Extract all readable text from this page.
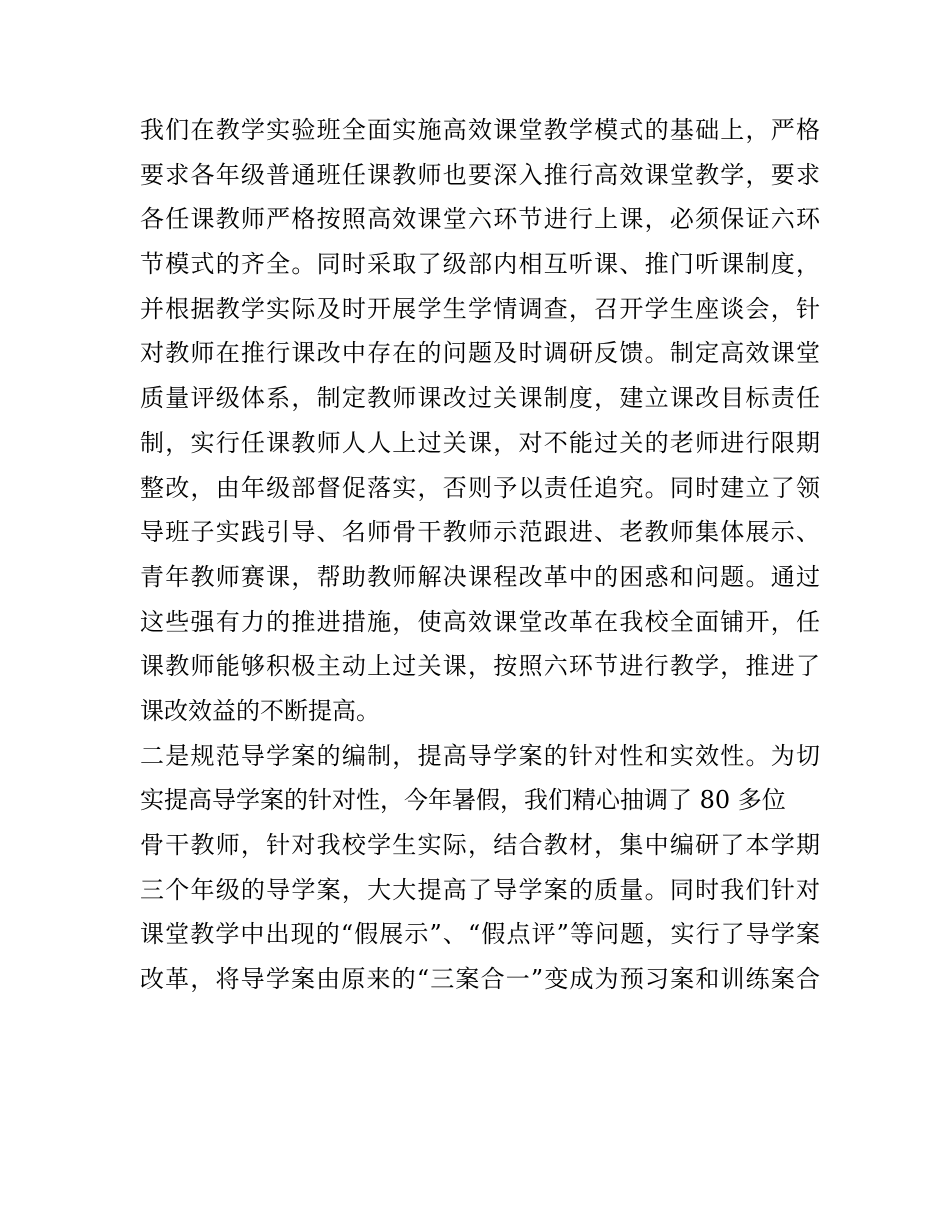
我们在教学实验班全面实施高效课堂教学模式的基础上，严格
要求各年级普通班任课教师也要深入推行高效课堂教学，要求
各任课教师严格按照高效课堂六环节进行上课，必须保证六环
节模式的齐全。同时采取了级部内相互听课、推门听课制度，
并根据教学实际及时开展学生学情调查，召开学生座谈会，针
对教师在推行课改中存在的问题及时调研反馈。制定高效课堂
质量评级体系，制定教师课改过关课制度，建立课改目标责任
制，实行任课教师人人上过关课，对不能过关的老师进行限期
整改，由年级部督促落实，否则予以责任追究。同时建立了领
导班子实践引导、名师骨干教师示范跟进、老教师集体展示、
青年教师赛课，帮助教师解决课程改革中的困惑和问题。通过
这些强有力的推进措施，使高效课堂改革在我校全面铺开，任
课教师能够积极主动上过关课，按照六环节进行教学，推进了
课改效益的不断提高。
二是规范导学案的编制，提高导学案的针对性和实效性。为切
实提高导学案的针对性，今年暑假，我们精心抽调了 80 多位
骨干教师，针对我校学生实际，结合教材，集中编研了本学期
三个年级的导学案，大大提高了导学案的质量。同时我们针对
课堂教学中出现的“假展示”、“假点评”等问题，实行了导学案
改革，将导学案由原来的“三案合一”变成为预习案和训练案合
